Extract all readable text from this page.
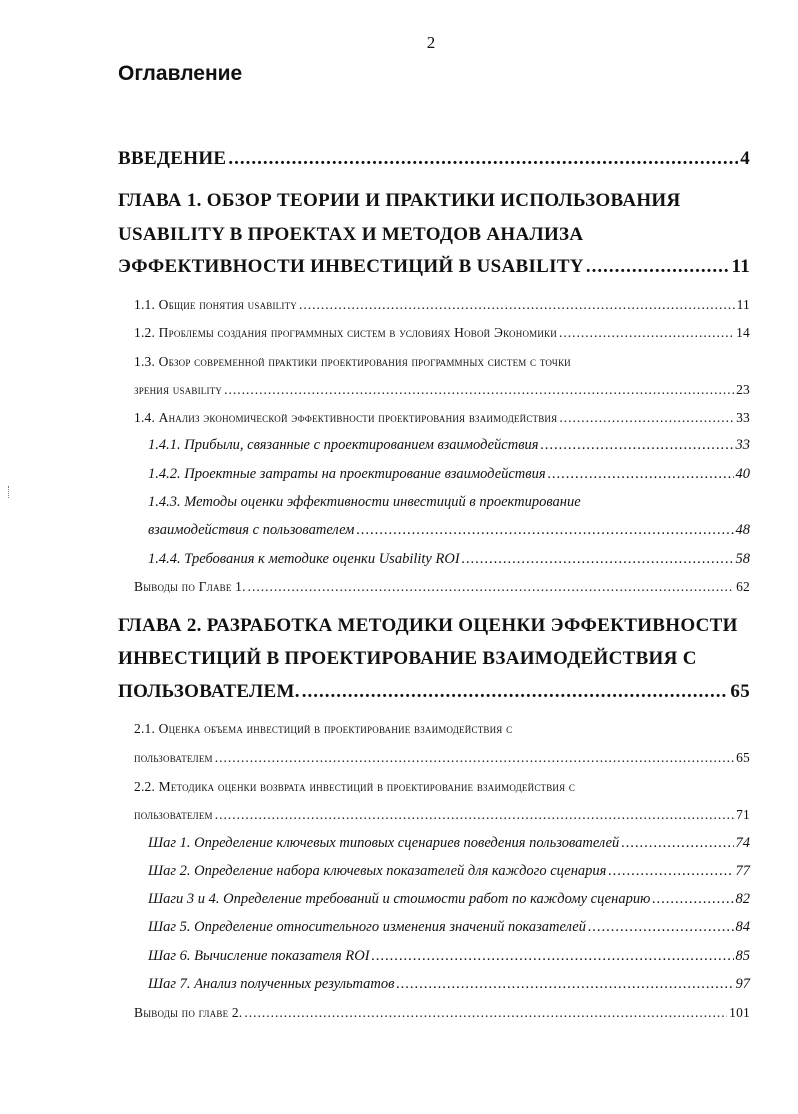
2
Оглавление
ВВЕДЕНИЕ .....	4
ГЛАВА 1. ОБЗОР ТЕОРИИ И ПРАКТИКИ ИСПОЛЬЗОВАНИЯ
USABILITY В ПРОЕКТАХ И МЕТОДОВ АНАЛИЗА
ЭФФЕКТИВНОСТИ ИНВЕСТИЦИЙ В USABILITY .....	11
1.1. Общие понятия usability .....	11
1.2. Проблемы создания программных систем в условиях Новой Экономики .....	14
1.3. Обзор современной практики проектирования программных систем с точки
зрения usability .....	23
1.4. Анализ экономической эффективности проектирования взаимодействия .....	33
1.4.1. Прибыли, связанные с проектированием взаимодействия .....	33
1.4.2. Проектные затраты на проектирование взаимодействия .....	40
1.4.3. Методы оценки эффективности инвестиций в проектирование
взаимодействия с пользователем .....	48
1.4.4. Требования к методике оценки Usability ROI .....	58
Выводы по Главе 1. .....	62
ГЛАВА 2. РАЗРАБОТКА МЕТОДИКИ ОЦЕНКИ ЭФФЕКТИВНОСТИ
ИНВЕСТИЦИЙ В ПРОЕКТИРОВАНИЕ ВЗАИМОДЕЙСТВИЯ С
ПОЛЬЗОВАТЕЛЕМ. .....	65
2.1. Оценка объема инвестиций в проектирование взаимодействия с
пользователем .....	65
2.2. Методика оценки возврата инвестиций в проектирование взаимодействия с
пользователем .....	71
Шаг 1. Определение ключевых типовых сценариев поведения пользователей .....	74
Шаг 2. Определение набора ключевых показателей для каждого сценария .....	77
Шаги 3 и 4. Определение требований и стоимости работ по каждому сценарию .....	82
Шаг 5. Определение относительного изменения значений показателей .....	84
Шаг 6. Вычисление показателя ROI .....	85
Шаг 7. Анализ полученных результатов .....	97
Выводы по главе 2. .....	101
